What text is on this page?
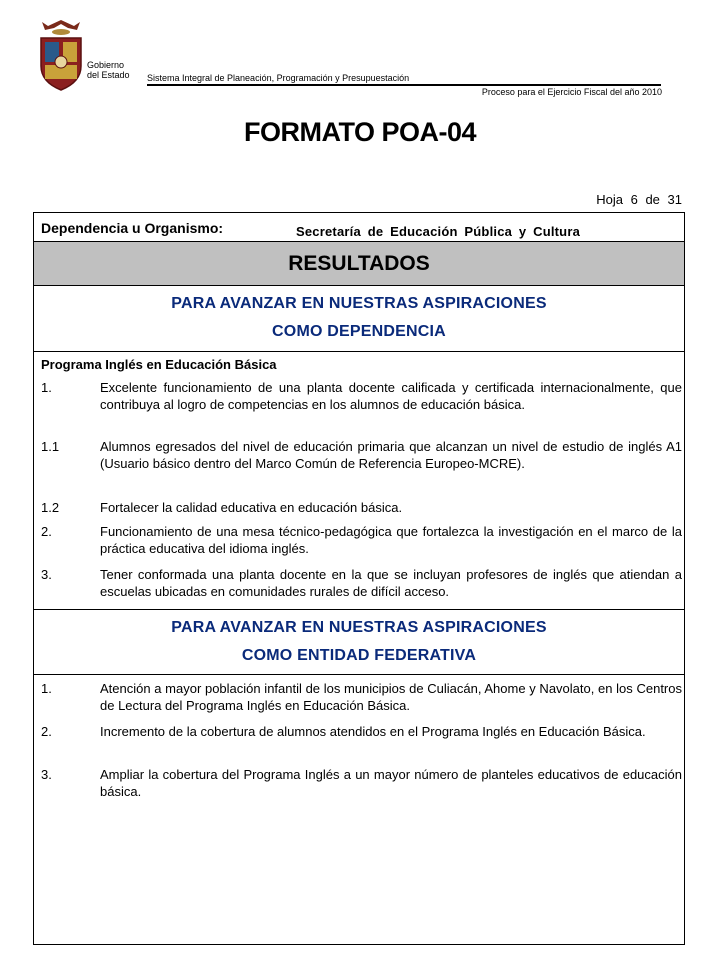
Gobierno
del Estado Sistema Integral de Planeación, Programación y Presupuestación
Proceso para el Ejercicio Fiscal del año 2010
FORMATO POA-04
Hoja 6 de 31
Dependencia u Organismo:	Secretaría de Educación Pública y Cultura
RESULTADOS
PARA AVANZAR EN NUESTRAS ASPIRACIONES
COMO DEPENDENCIA
Programa Inglés en Educación Básica
1.	Excelente funcionamiento de una planta docente calificada y certificada internacionalmente, que contribuya al logro de competencias en los alumnos de educación básica.
1.1	Alumnos egresados del nivel de educación primaria que alcanzan un nivel de estudio de inglés A1 (Usuario básico dentro del Marco Común de Referencia Europeo-MCRE).
1.2	Fortalecer la calidad educativa en educación básica.
2.	Funcionamiento de una mesa técnico-pedagógica que fortalezca la investigación en el marco de la práctica educativa del idioma inglés.
3.	Tener conformada una planta docente en la que se incluyan profesores de inglés que atiendan a escuelas ubicadas en comunidades rurales de difícil acceso.
PARA AVANZAR EN NUESTRAS ASPIRACIONES
COMO ENTIDAD FEDERATIVA
1.	Atención a mayor población infantil de los municipios de Culiacán, Ahome y Navolato, en los Centros de Lectura del Programa Inglés en Educación Básica.
2.	Incremento de la cobertura de alumnos atendidos en el Programa Inglés en Educación Básica.
3.	Ampliar la cobertura del Programa Inglés a un mayor número de planteles educativos de educación básica.
